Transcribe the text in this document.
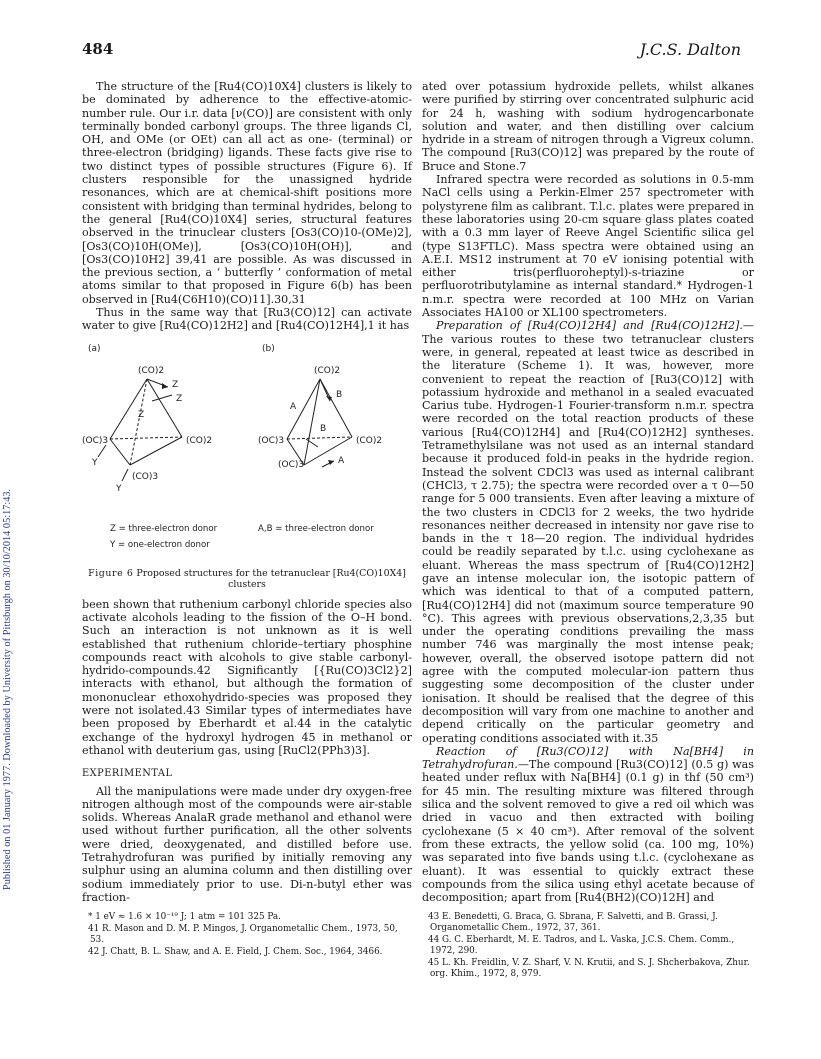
Published on 01 January 1977. Downloaded by University of Pittsburgh on 30/10/2014 05:17:43.
484	J.C.S. Dalton

The structure of the [Ru4(CO)10X4] clusters is likely to be dominated by adherence to the effective-atomic-number rule. Our i.r. data [ν(CO)] are consistent with only terminally bonded carbonyl groups. The three ligands Cl, OH, and OMe (or OEt) can all act as one- (terminal) or three-electron (bridging) ligands. These facts give rise to two distinct types of possible structures (Figure 6). If clusters responsible for the unassigned hydride resonances, which are at chemical-shift positions more consistent with bridging than terminal hydrides, belong to the general [Ru4(CO)10X4] series, structural features observed in the trinuclear clusters [Os3(CO)10-(OMe)2], [Os3(CO)10H(OMe)], [Os3(CO)10H(OH)], and [Os3(CO)10H2] 39,41 are possible. As was discussed in the previous section, a ‘ butterfly ’ conformation of metal atoms similar to that proposed in Figure 6(b) has been observed in [Ru4(C6H10)(CO)11].30,31

Thus in the same way that [Ru3(CO)12] can activate water to give [Ru4(CO)12H2] and [Ru4(CO)12H4],1 it has

(a)	(b)
(CO)2
Z
Z
Z
(OC)3	(CO)2
(CO)3
Y
Y
(CO)2
A
B
B
A
(OC)3	(CO)2
(OC)3
Z = three-electron donor
Y = one-electron donor
A,B = three-electron donor
Figure 6 Proposed structures for the tetranuclear [Ru4(CO)10X4] clusters

been shown that ruthenium carbonyl chloride species also activate alcohols leading to the fission of the O–H bond. Such an interaction is not unknown as it is well established that ruthenium chloride–tertiary phosphine compounds react with alcohols to give stable carbonyl-hydrido-compounds.42 Significantly [{Ru(CO)3Cl2}2] interacts with ethanol, but although the formation of mononuclear ethoxohydrido-species was proposed they were not isolated.43 Similar types of intermediates have been proposed by Eberhardt et al.44 in the catalytic exchange of the hydroxyl hydrogen 45 in methanol or ethanol with deuterium gas, using [RuCl2(PPh3)3].

EXPERIMENTAL

All the manipulations were made under dry oxygen-free nitrogen although most of the compounds were air-stable solids. Whereas AnalaR grade methanol and ethanol were used without further purification, all the other solvents were dried, deoxygenated, and distilled before use. Tetrahydrofuran was purified by initially removing any sulphur using an alumina column and then distilling over sodium immediately prior to use. Di-n-butyl ether was fraction-

* 1 eV ≈ 1.6 × 10⁻¹⁹ J; 1 atm = 101 325 Pa.
41 R. Mason and D. M. P. Mingos, J. Organometallic Chem., 1973, 50, 53.
42 J. Chatt, B. L. Shaw, and A. E. Field, J. Chem. Soc., 1964, 3466.

ated over potassium hydroxide pellets, whilst alkanes were purified by stirring over concentrated sulphuric acid for 24 h, washing with sodium hydrogencarbonate solution and water, and then distilling over calcium hydride in a stream of nitrogen through a Vigreux column. The compound [Ru3(CO)12] was prepared by the route of Bruce and Stone.7

Infrared spectra were recorded as solutions in 0.5-mm NaCl cells using a Perkin-Elmer 257 spectrometer with polystyrene film as calibrant. T.l.c. plates were prepared in these laboratories using 20-cm square glass plates coated with a 0.3 mm layer of Reeve Angel Scientific silica gel (type S13FTLC). Mass spectra were obtained using an A.E.I. MS12 instrument at 70 eV ionising potential with either tris(perfluoroheptyl)-s-triazine or perfluorotributylamine as internal standard.* Hydrogen-1 n.m.r. spectra were recorded at 100 MHz on Varian Associates HA100 or XL100 spectrometers.

Preparation of [Ru4(CO)12H4] and [Ru4(CO)12H2].—The various routes to these two tetranuclear clusters were, in general, repeated at least twice as described in the literature (Scheme 1). It was, however, more convenient to repeat the reaction of [Ru3(CO)12] with potassium hydroxide and methanol in a sealed evacuated Carius tube. Hydrogen-1 Fourier-transform n.m.r. spectra were recorded on the total reaction products of these various [Ru4(CO)12H4] and [Ru4(CO)12H2] syntheses. Tetramethylsilane was not used as an internal standard because it produced fold-in peaks in the hydride region. Instead the solvent CDCl3 was used as internal calibrant (CHCl3, τ 2.75); the spectra were recorded over a τ 0—50 range for 5 000 transients. Even after leaving a mixture of the two clusters in CDCl3 for 2 weeks, the two hydride resonances neither decreased in intensity nor gave rise to bands in the τ 18—20 region. The individual hydrides could be readily separated by t.l.c. using cyclohexane as eluant. Whereas the mass spectrum of [Ru4(CO)12H2] gave an intense molecular ion, the isotopic pattern of which was identical to that of a computed pattern, [Ru4(CO)12H4] did not (maximum source temperature 90 °C). This agrees with previous observations,2,3,35 but under the operating conditions prevailing the mass number 746 was marginally the most intense peak; however, overall, the observed isotope pattern did not agree with the computed molecular-ion pattern thus suggesting some decomposition of the cluster under ionisation. It should be realised that the degree of this decomposition will vary from one machine to another and depend critically on the particular geometry and operating conditions associated with it.35

Reaction of [Ru3(CO)12] with Na[BH4] in Tetrahydrofuran.—The compound [Ru3(CO)12] (0.5 g) was heated under reflux with Na[BH4] (0.1 g) in thf (50 cm³) for 45 min. The resulting mixture was filtered through silica and the solvent removed to give a red oil which was dried in vacuo and then extracted with boiling cyclohexane (5 × 40 cm³). After removal of the solvent from these extracts, the yellow solid (ca. 100 mg, 10%) was separated into five bands using t.l.c. (cyclohexane as eluant). It was essential to quickly extract these compounds from the silica using ethyl acetate because of decomposition; apart from [Ru4(BH2)(CO)12H] and

43 E. Benedetti, G. Braca, G. Sbrana, F. Salvetti, and B. Grassi, J. Organometallic Chem., 1972, 37, 361.
44 G. C. Eberhardt, M. E. Tadros, and L. Vaska, J.C.S. Chem. Comm., 1972, 290.
45 L. Kh. Freidlin, V. Z. Sharf, V. N. Krutii, and S. J. Shcherbakova, Zhur. org. Khim., 1972, 8, 979.
